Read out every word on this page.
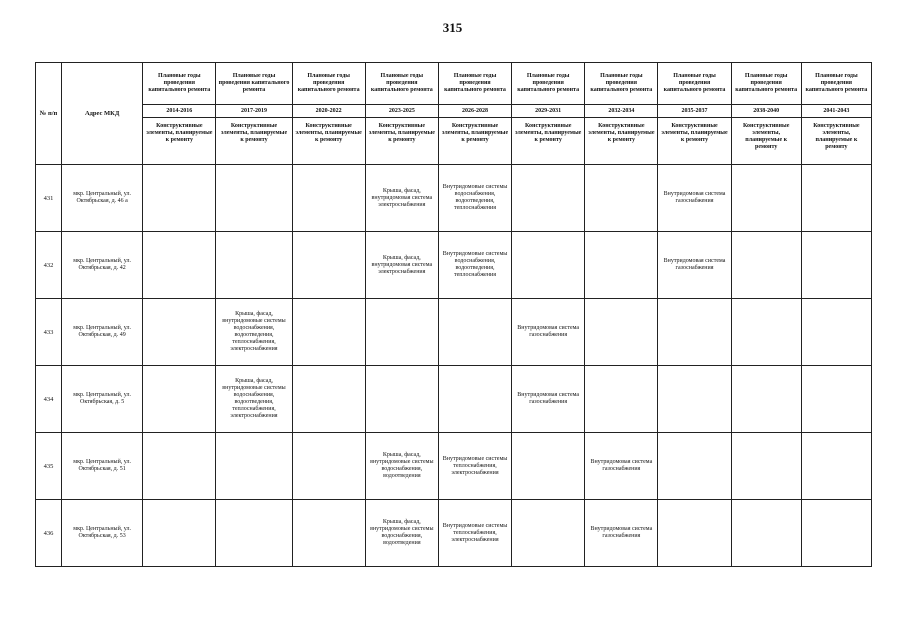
315
№ п/п	Адрес МКД	Плановые годы проведения капитального ремонта	Плановые годы проведения капитального ремонта	Плановые годы проведения капитального ремонта	Плановые годы проведения капитального ремонта	Плановые годы проведения капитального ремонта	Плановые годы проведения капитального ремонта	Плановые годы проведения капитального ремонта	Плановые годы проведения капитального ремонта	Плановые годы проведения капитального ремонта	Плановые годы проведения капитального ремонта
		2014-2016	2017-2019	2020-2022	2023-2025	2026-2028	2029-2031	2032-2034	2035-2037	2038-2040	2041-2043
		Конструктивные элементы, планируемые к ремонту	Конструктивные элементы, планируемые к ремонту	Конструктивные элементы, планируемые к ремонту	Конструктивные элементы, планируемые к ремонту	Конструктивные элементы, планируемые к ремонту	Конструктивные элементы, планируемые к ремонту	Конструктивные элементы, планируемые к ремонту	Конструктивные элементы, планируемые к ремонту	Конструктивные элементы, планируемые к ремонту	Конструктивные элементы, планируемые к ремонту
431	мкр. Центральный, ул. Октябрьская, д. 46 а				Крыша, фасад, внутридомовая система электроснабжения	Внутридомовые системы водоснабжения, водоотведения, теплоснабжения			Внутридомовая система газоснабжения		
432	мкр. Центральный, ул. Октябрьская, д. 42				Крыша, фасад, внутридомовая система электроснабжения	Внутридомовые системы водоснабжения, водоотведения, теплоснабжения			Внутридомовая система газоснабжения		
433	мкр. Центральный, ул. Октябрьская, д. 49		Крыша, фасад, внутридомовые системы водоснабжения, водоотведения, теплоснабжения, электроснабжения				Внутридомовая система газоснабжения				
434	мкр. Центральный, ул. Октябрьская, д. 5		Крыша, фасад, внутридомовые системы водоснабжения, водоотведения, теплоснабжения, электроснабжения				Внутридомовая система газоснабжения				
435	мкр. Центральный, ул. Октябрьская, д. 51				Крыша, фасад, внутридомовые системы водоснабжения, водоотведения	Внутридомовые системы теплоснабжения, электроснабжения		Внутридомовая система газоснабжения			
436	мкр. Центральный, ул. Октябрьская, д. 53				Крыша, фасад, внутридомовые системы водоснабжения, водоотведения	Внутридомовые системы теплоснабжения, электроснабжения		Внутридомовая система газоснабжения			
